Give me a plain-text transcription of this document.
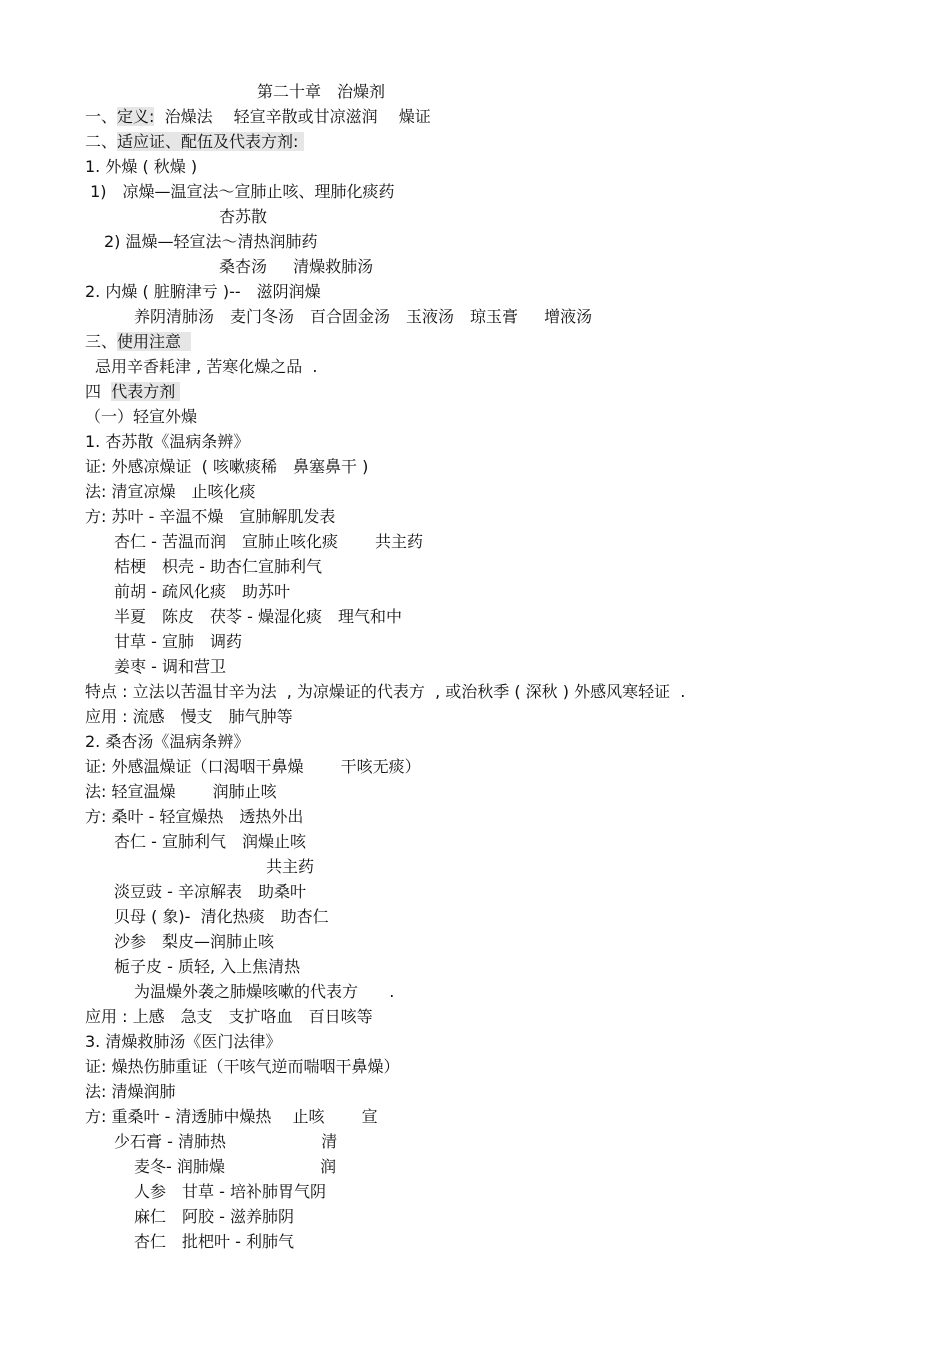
第二十章　治燥剂
一、定义:  治燥法　 轻宣辛散或甘凉滋润 　燥证
二、适应证、配伍及代表方剂:
1. 外燥 ( 秋燥 )
1)　凉燥—温宣法～宣肺止咳、理肺化痰药
杏苏散
2) 温燥—轻宣法～清热润肺药
桑杏汤　  清燥救肺汤
2. 内燥 ( 脏腑津亏 )--　滋阴润燥
养阴清肺汤　麦门冬汤　百合固金汤　玉液汤　琼玉膏　  增液汤
三、使用注意
忌用辛香耗津 , 苦寒化燥之品  .
四  代表方剂
（一）轻宣外燥
1. 杏苏散《温病条辨》
证: 外感凉燥证  ( 咳嗽痰稀　鼻塞鼻干 )
法: 清宣凉燥　止咳化痰
方: 苏叶 - 辛温不燥　宣肺解肌发表
杏仁 - 苦温而润　宣肺止咳化痰 　　共主药
桔梗　枳壳 - 助杏仁宣肺利气
前胡 - 疏风化痰　助苏叶
半夏　陈皮　茯苓 - 燥湿化痰　理气和中
甘草 - 宣肺　调药
姜枣 - 调和营卫
特点 : 立法以苦温甘辛为法  , 为凉燥证的代表方  , 或治秋季 ( 深秋 ) 外感风寒轻证  .
应用 : 流感　慢支　肺气肿等
2. 桑杏汤《温病条辨》
证: 外感温燥证（口渴咽干鼻燥 　　干咳无痰）
法: 轻宣温燥 　　润肺止咳
方: 桑叶 - 轻宣燥热　透热外出
杏仁 - 宣肺利气　润燥止咳
共主药
淡豆豉 - 辛凉解表　助桑叶
贝母 ( 象)-  清化热痰　助杏仁
沙参　梨皮—润肺止咳
栀子皮 - 质轻, 入上焦清热
为温燥外袭之肺燥咳嗽的代表方 　  .
应用 : 上感　急支　支扩咯血　百日咳等
3. 清燥救肺汤《医门法律》
证: 燥热伤肺重证（干咳气逆而喘咽干鼻燥）
法: 清燥润肺
方: 重桑叶 - 清透肺中燥热 　止咳 　　宣
少石膏 - 清肺热 　　　　　  清
麦冬- 润肺燥 　　　　　  润
人参　甘草 - 培补肺胃气阴
麻仁　阿胶 - 滋养肺阴
杏仁　批杷叶 - 利肺气
